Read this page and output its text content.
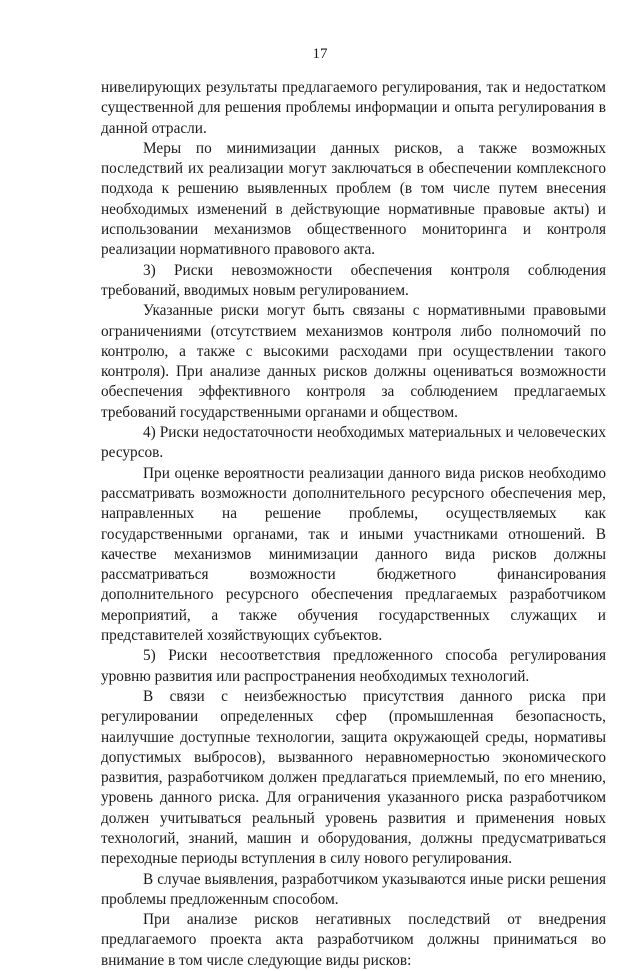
17

нивелирующих результаты предлагаемого регулирования, так и недостатком существенной для решения проблемы информации и опыта регулирования в данной отрасли.

Меры по минимизации данных рисков, а также возможных последствий их реализации могут заключаться в обеспечении комплексного подхода к решению выявленных проблем (в том числе путем внесения необходимых изменений в действующие нормативные правовые акты) и использовании механизмов общественного мониторинга и контроля реализации нормативного правового акта.

3) Риски невозможности обеспечения контроля соблюдения требований, вводимых новым регулированием.

Указанные риски могут быть связаны с нормативными правовыми ограничениями (отсутствием механизмов контроля либо полномочий по контролю, а также с высокими расходами при осуществлении такого контроля). При анализе данных рисков должны оцениваться возможности обеспечения эффективного контроля за соблюдением предлагаемых требований государственными органами и обществом.

4) Риски недостаточности необходимых материальных и человеческих ресурсов.

При оценке вероятности реализации данного вида рисков необходимо рассматривать возможности дополнительного ресурсного обеспечения мер, направленных на решение проблемы, осуществляемых как государственными органами, так и иными участниками отношений. В качестве механизмов минимизации данного вида рисков должны рассматриваться возможности бюджетного финансирования дополнительного ресурсного обеспечения предлагаемых разработчиком мероприятий, а также обучения государственных служащих и представителей хозяйствующих субъектов.

5) Риски несоответствия предложенного способа регулирования уровню развития или распространения необходимых технологий.

В связи с неизбежностью присутствия данного риска при регулировании определенных сфер (промышленная безопасность, наилучшие доступные технологии, защита окружающей среды, нормативы допустимых выбросов), вызванного неравномерностью экономического развития, разработчиком должен предлагаться приемлемый, по его мнению, уровень данного риска. Для ограничения указанного риска разработчиком должен учитываться реальный уровень развития и применения новых технологий, знаний, машин и оборудования, должны предусматриваться переходные периоды вступления в силу нового регулирования.

В случае выявления, разработчиком указываются иные риски решения проблемы предложенным способом.

При анализе рисков негативных последствий от внедрения предлагаемого проекта акта разработчиком должны приниматься во внимание в том числе следующие виды рисков:
